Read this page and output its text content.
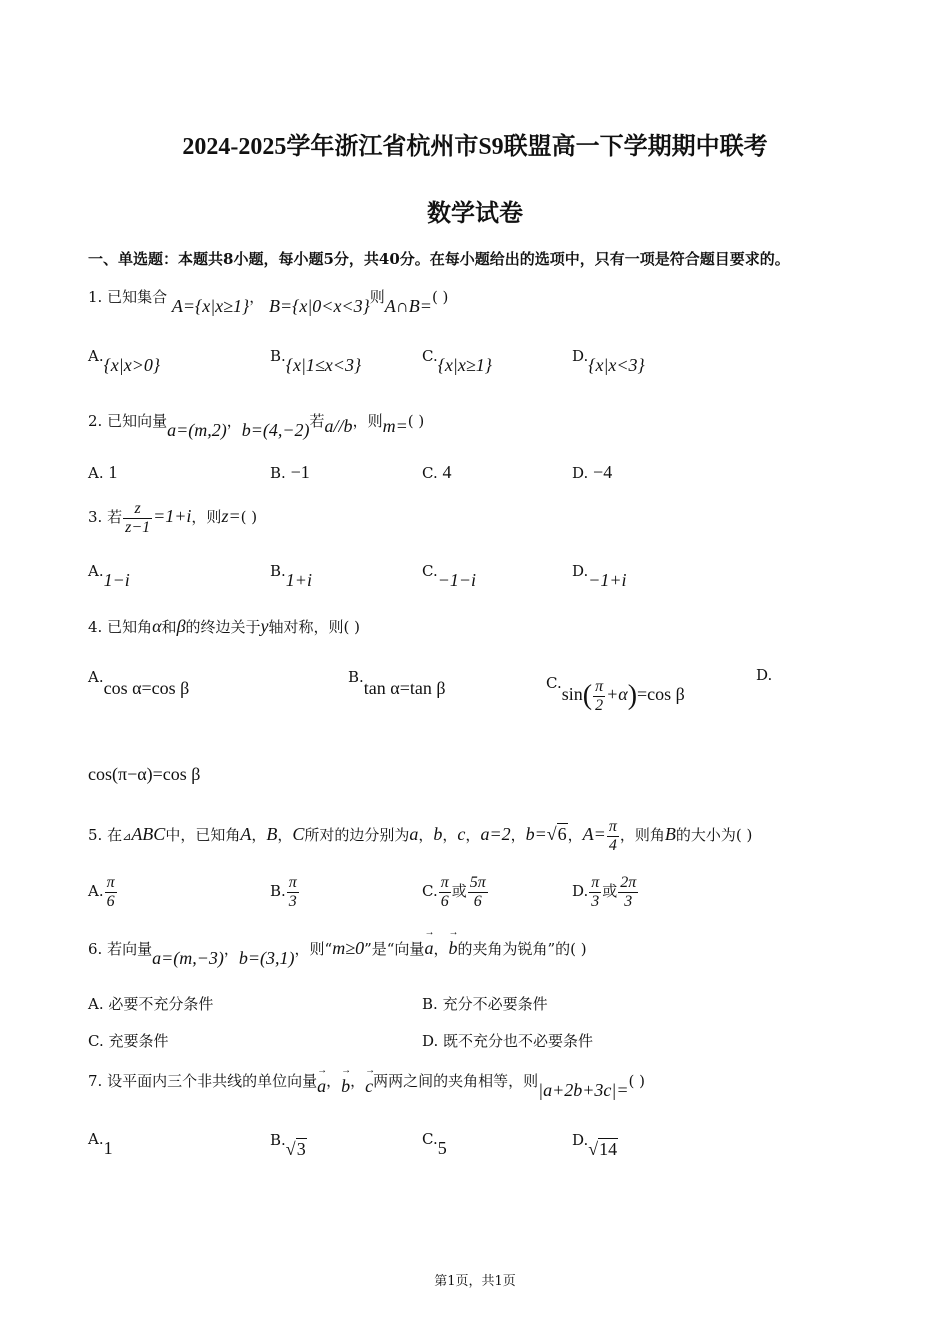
2024-2025学年浙江省杭州市S9联盟高一下学期期中联考
数学试卷
一、单选题：本题共8小题，每小题5分，共40分。在每小题给出的选项中，只有一项是符合题目要求的。
1. 已知集合 A={x|x≥1}， B={x|0<x<3}则A∩B=( )
A.{x|x>0}	B.{x|1≤x<3}	C.{x|x≥1}	D.{x|x<3}
2. 已知向量a=(m,2)，b=(4,−2)若a//b，则m=( )
A. 1	B. −1	C. 4	D. −4
3. 若 $\frac{z}{z-1} =1+i$，则z=( )
A.1−i	B.1+i	C.−1−i	D.−1+i
4. 已知角α和β的终边关于y轴对称，则( )
A.cos α=cos β
B.tan α=tan β	$C.\sin( \frac{\pi}{2} +\alpha)=\cos$ β
D.
cos(π−α)=cos β
5. 在⊿ABC中，已知角A，B，C所对的边分别为a，b，c，a=2，b=√6，$A= \frac{\pi}{4}$ ，则角B的大小为( )
A. $\frac{\pi}{6}$	B. $\frac{\pi}{3}$	C. $\frac{\pi}{6}$ 或 $\frac{5\pi}{6}$	D. $\frac{\pi}{3}$ 或 $\frac{2\pi}{3}$
6. 若向量a=(m,−3)，b=(3,1)，则“m≥0”是“向量→ a，→ b的夹角为锐角”的( )
A. 必要不充分条件	B. 充分不必要条件
C. 充要条件	D. 既不充分也不必要条件
7. 设平面内三个非共线的单位向量→ a，→ b，→ c两两之间的夹角相等，则|a+2b+3c|=( )
A.1	B.√3	C.5	D.√14
第1页，共1页
